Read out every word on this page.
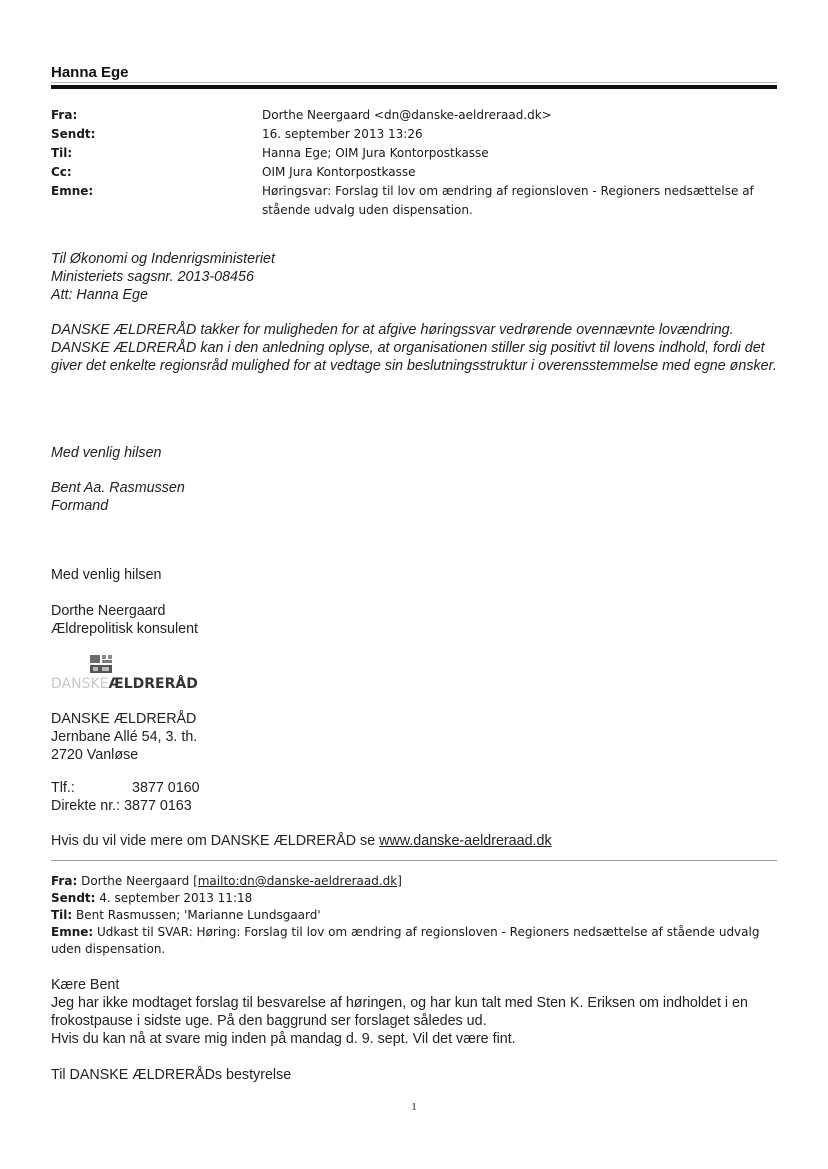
Hanna Ege
Fra:	Dorthe Neergaard <dn@danske-aeldreraad.dk>
Sendt:	16. september 2013 13:26
Til:	Hanna Ege; OIM Jura Kontorpostkasse
Cc:	OIM Jura Kontorpostkasse
Emne:	Høringsvar: Forslag til lov om ændring af regionsloven - Regioners nedsættelse af stående udvalg uden dispensation.

Til Økonomi og Indenrigsministeriet

Ministeriets sagsnr. 2013-08456

Att: Hanna Ege

DANSKE ÆLDRERÅD takker for muligheden for at afgive høringssvar vedrørende ovennævnte lovændring.

DANSKE ÆLDRERÅD kan i den anledning oplyse, at organisationen stiller sig positivt til lovens indhold, fordi det giver det enkelte regionsråd mulighed for at vedtage sin beslutningsstruktur i overensstemmelse med egne ønsker.

Med venlig hilsen

Bent Aa. Rasmussen

Formand

Med venlig hilsen

Dorthe Neergaard

Ældrepolitisk konsulent

DANSKEÆLDRERÅD

DANSKE ÆLDRERÅD

Jernbane Allé 54, 3. th.

2720 Vanløse

Tlf.:	3877 0160

Direkte nr.: 3877 0163

Hvis du vil vide mere om DANSKE ÆLDRERÅD se www.danske-aeldreraad.dk
Fra: Dorthe Neergaard [mailto:dn@danske-aeldreraad.dk]
Sendt: 4. september 2013 11:18
Til: Bent Rasmussen; 'Marianne Lundsgaard'
Emne: Udkast til SVAR: Høring: Forslag til lov om ændring af regionsloven - Regioners nedsættelse af stående udvalg uden dispensation.

Kære Bent

Jeg har ikke modtaget forslag til besvarelse af høringen, og har kun talt med Sten K. Eriksen om indholdet i en frokostpause i sidste uge. På den baggrund ser forslaget således ud.

Hvis du kan nå at svare mig inden på mandag d. 9. sept. Vil det være fint.

Til DANSKE ÆLDRERÅDs bestyrelse
1
